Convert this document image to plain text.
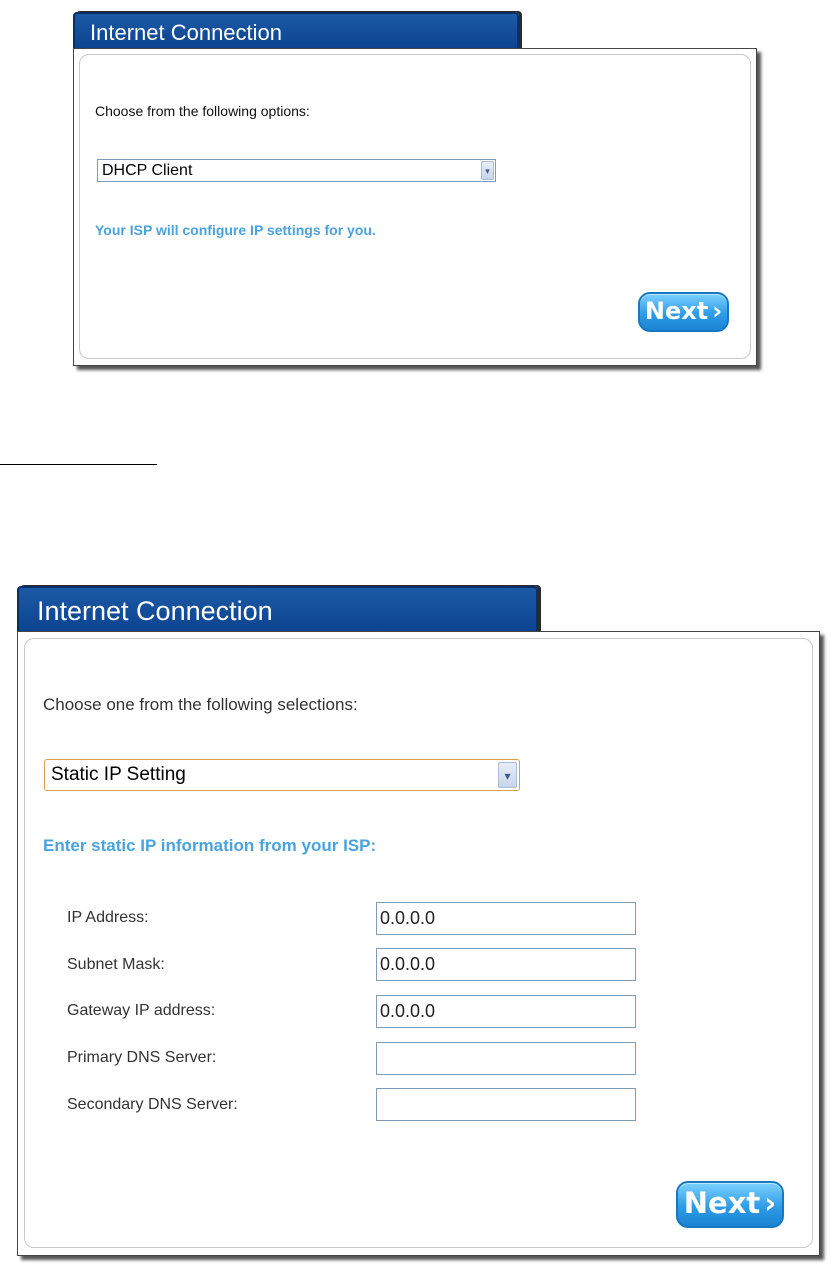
Internet Connection
Choose from the following options:
DHCP Client	▾
Your ISP will configure IP settings for you.
Next ›
Internet Connection
Choose one from the following selections:
Static IP Setting	▾
Enter static IP information from your ISP:
IP Address:	0.0.0.0
Subnet Mask:	0.0.0.0
Gateway IP address:	0.0.0.0
Primary DNS Server:
Secondary DNS Server:
Next ›
